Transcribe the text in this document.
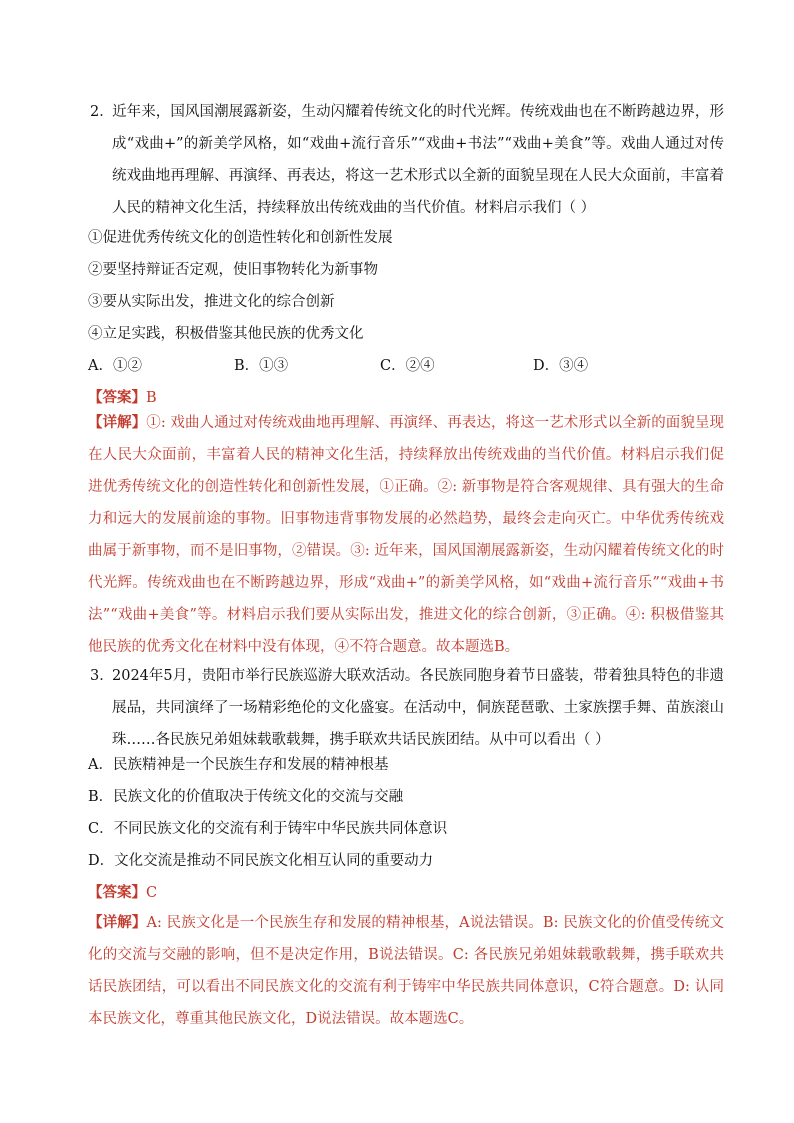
2．近年来，国风国潮展露新姿，生动闪耀着传统文化的时代光辉。传统戏曲也在不断跨越边界，形成“戏曲+”的新美学风格，如“戏曲+流行音乐”“戏曲+书法”“戏曲+美食”等。戏曲人通过对传统戏曲地再理解、再演绎、再表达，将这一艺术形式以全新的面貌呈现在人民大众面前，丰富着人民的精神文化生活，持续释放出传统戏曲的当代价值。材料启示我们（ ）

①促进优秀传统文化的创造性转化和创新性发展

②要坚持辩证否定观，使旧事物转化为新事物

③要从实际出发，推进文化的综合创新

④立足实践，积极借鉴其他民族的优秀文化

A．①②	B．①③	C．②④	D．③④

【答案】B

【详解】①: 戏曲人通过对传统戏曲地再理解、再演绎、再表达，将这一艺术形式以全新的面貌呈现在人民大众面前，丰富着人民的精神文化生活，持续释放出传统戏曲的当代价值。材料启示我们促进优秀传统文化的创造性转化和创新性发展，①正确。②: 新事物是符合客观规律、具有强大的生命力和远大的发展前途的事物。旧事物违背事物发展的必然趋势，最终会走向灭亡。中华优秀传统戏曲属于新事物，而不是旧事物，②错误。③: 近年来，国风国潮展露新姿，生动闪耀着传统文化的时代光辉。传统戏曲也在不断跨越边界，形成“戏曲+”的新美学风格，如“戏曲+流行音乐”“戏曲+书法”“戏曲+美食”等。材料启示我们要从实际出发，推进文化的综合创新，③正确。④: 积极借鉴其他民族的优秀文化在材料中没有体现，④不符合题意。故本题选B。

3．2024年5月，贵阳市举行民族巡游大联欢活动。各民族同胞身着节日盛装，带着独具特色的非遗展品，共同演绎了一场精彩绝伦的文化盛宴。在活动中，侗族琵琶歌、土家族摆手舞、苗族滚山珠……各民族兄弟姐妹载歌载舞，携手联欢共话民族团结。从中可以看出（ ）

A．民族精神是一个民族生存和发展的精神根基

B．民族文化的价值取决于传统文化的交流与交融

C．不同民族文化的交流有利于铸牢中华民族共同体意识

D．文化交流是推动不同民族文化相互认同的重要动力

【答案】C

【详解】A: 民族文化是一个民族生存和发展的精神根基，A说法错误。B: 民族文化的价值受传统文化的交流与交融的影响，但不是决定作用，B说法错误。C: 各民族兄弟姐妹载歌载舞，携手联欢共话民族团结，可以看出不同民族文化的交流有利于铸牢中华民族共同体意识，C符合题意。D: 认同本民族文化，尊重其他民族文化，D说法错误。故本题选C。
